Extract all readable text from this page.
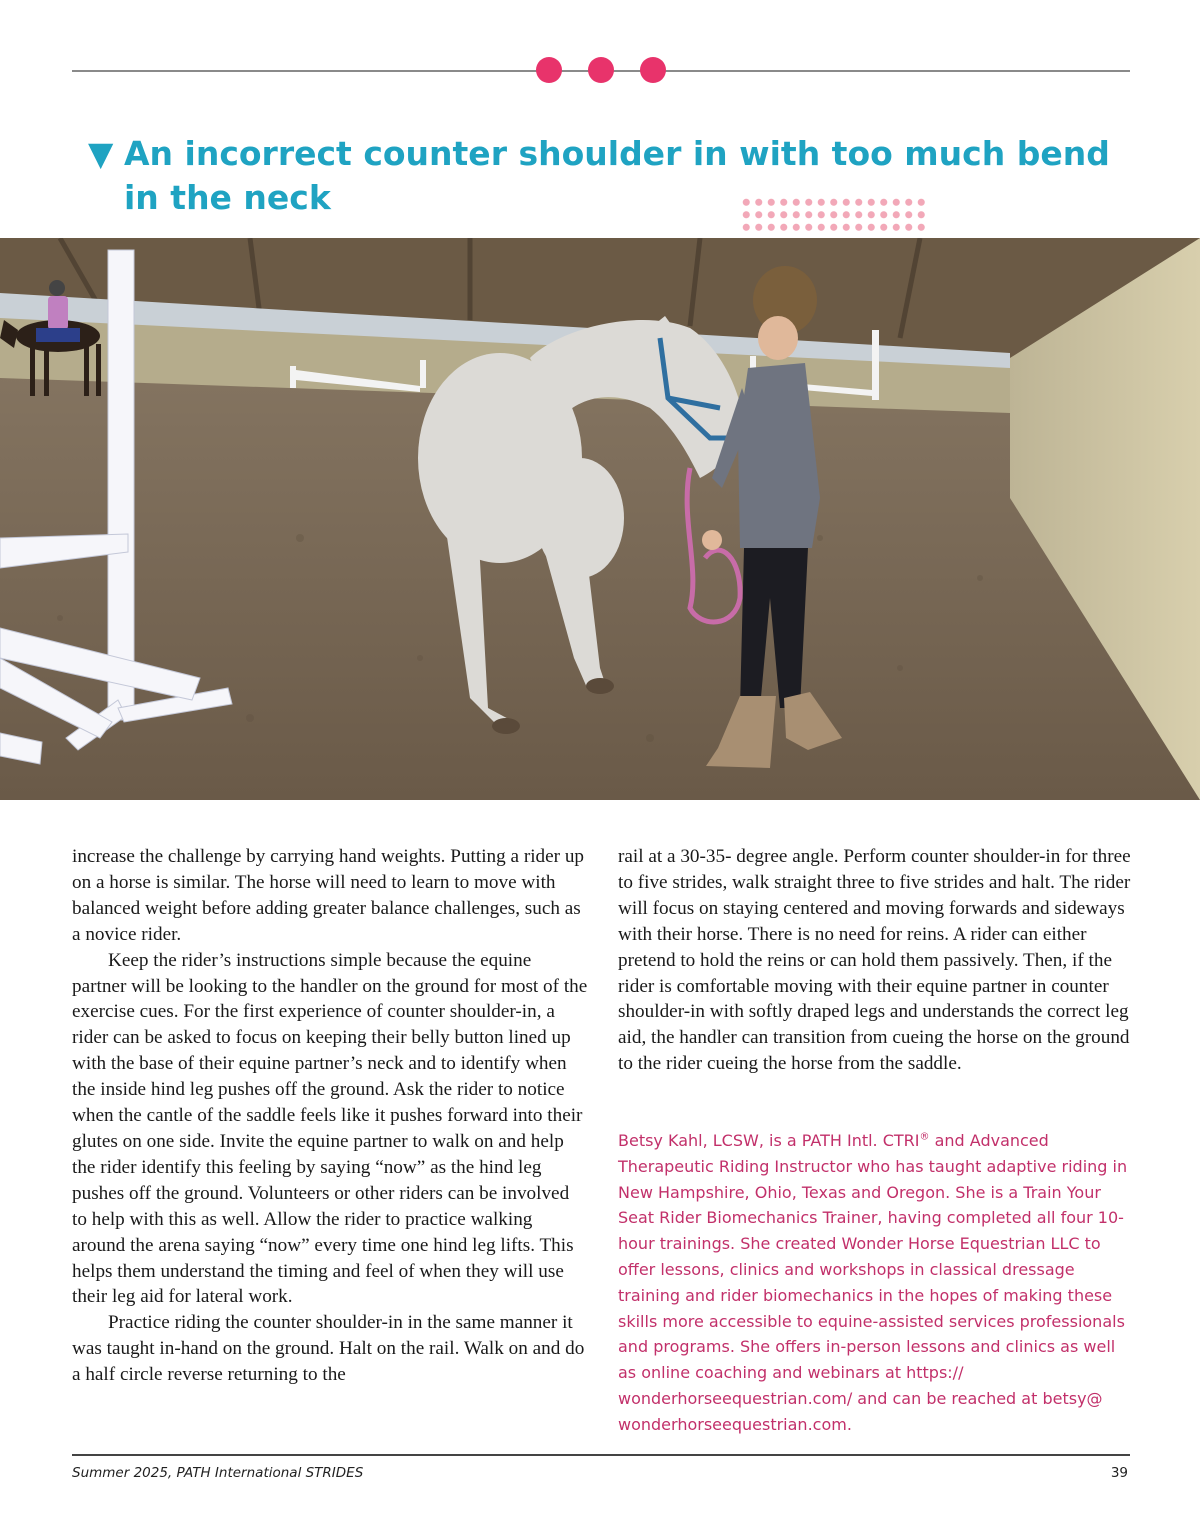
▼ An incorrect counter shoulder in with too much bend in the neck

increase the challenge by carrying hand weights. Putting a rider up on a horse is similar. The horse will need to learn to move with balanced weight before adding greater balance challenges, such as a novice rider.

Keep the rider’s instructions simple because the equine partner will be looking to the handler on the ground for most of the exercise cues. For the first experience of counter shoulder-in, a rider can be asked to focus on keeping their belly button lined up with the base of their equine partner’s neck and to identify when the inside hind leg pushes off the ground. Ask the rider to notice when the cantle of the saddle feels like it pushes forward into their glutes on one side. Invite the equine partner to walk on and help the rider identify this feeling by saying “now” as the hind leg pushes off the ground. Volunteers or other riders can be involved to help with this as well. Allow the rider to practice walking around the arena saying “now” every time one hind leg lifts. This helps them understand the timing and feel of when they will use their leg aid for lateral work.

Practice riding the counter shoulder-in in the same manner it was taught in-hand on the ground. Halt on the rail. Walk on and do a half circle reverse returning to the

rail at a 30-35- degree angle. Perform counter shoulder-in for three to five strides, walk straight three to five strides and halt. The rider will focus on staying centered and moving forwards and sideways with their horse. There is no need for reins. A rider can either pretend to hold the reins or can hold them passively. Then, if the rider is comfortable moving with their equine partner in counter shoulder-in with softly draped legs and understands the correct leg aid, the handler can transition from cueing the horse on the ground to the rider cueing the horse from the saddle.

Betsy Kahl, LCSW, is a PATH Intl. CTRI® and Advanced Therapeutic Riding Instructor who has taught adaptive riding in New Hampshire, Ohio, Texas and Oregon. She is a Train Your Seat Rider Biomechanics Trainer, having completed all four 10-hour trainings. She created Wonder Horse Equestrian LLC to offer lessons, clinics and workshops in classical dressage training and rider biomechanics in the hopes of making these skills more accessible to equine-assisted services professionals and programs. She offers in-person lessons and clinics as well as online coaching and webinars at https:// wonderhorseequestrian.com/ and can be reached at betsy@ wonderhorseequestrian.com.

Summer 2025, PATH International STRIDES	39
